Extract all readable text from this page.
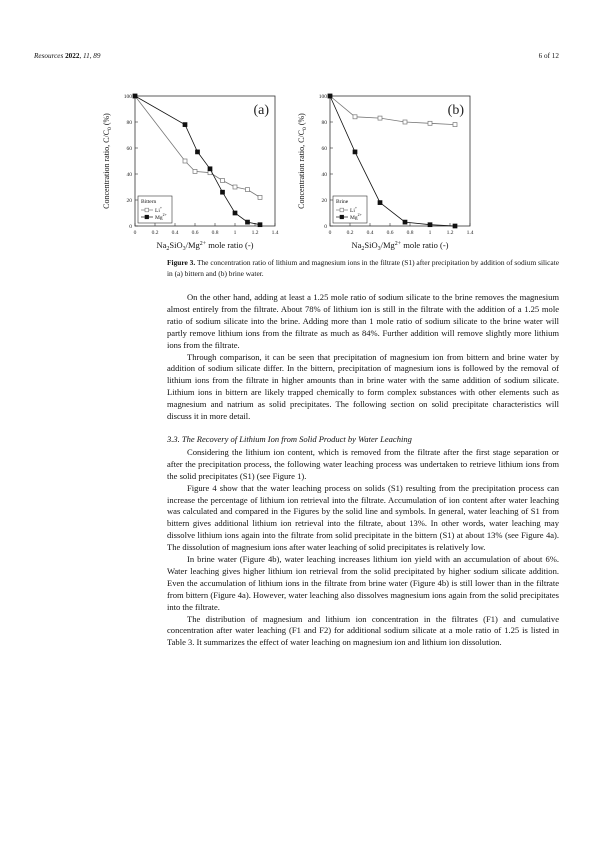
Resources 2022, 11, 89	6 of 12
0
20
40
60
80
100
0	0.2 0.4 0.6 0.8	1	1.2 1.4
$Na_2SiO_3/Mg^{2+}$ mole ratio (-)
Concentration ratio, $C/C_0$ (%)
(a)
Bittern
Li+
$Mg^{2+}$
0
20
40
60
80
100
0	0.2 0.4 0.6 0.8	1	1.2 1.4
$Na_2SiO_3/Mg^{2+}$ mole ratio (-)
Concentration ratio, $C/C_0$ (%)
(b)
Brine
Li+
$Mg^{2+}$
Figure 3. The concentration ratio of lithium and magnesium ions in the filtrate (S1) after precipitation by addition of sodium silicate in (a) bittern and (b) brine water.

On the other hand, adding at least a 1.25 mole ratio of sodium silicate to the brine removes the magnesium almost entirely from the filtrate. About 78% of lithium ion is still in the filtrate with the addition of a 1.25 mole ratio of sodium silicate into the brine. Adding more than 1 mole ratio of sodium silicate to the brine water will partly remove lithium ions from the filtrate as much as 84%. Further addition will remove slightly more lithium ions from the filtrate.

Through comparison, it can be seen that precipitation of magnesium ion from bittern and brine water by addition of sodium silicate differ. In the bittern, precipitation of magnesium ions is followed by the removal of lithium ions from the filtrate in higher amounts than in brine water with the same addition of sodium silicate. Lithium ions in bittern are likely trapped chemically to form complex substances with other elements such as magnesium and natrium as solid precipitates. The following section on solid precipitate characteristics will discuss it in more detail.

3.3. The Recovery of Lithium Ion from Solid Product by Water Leaching

Considering the lithium ion content, which is removed from the filtrate after the first stage separation or after the precipitation process, the following water leaching process was undertaken to retrieve lithium ions from the solid precipitates (S1) (see Figure 1).

Figure 4 show that the water leaching process on solids (S1) resulting from the precipitation process can increase the percentage of lithium ion retrieval into the filtrate. Accumulation of ion content after water leaching was calculated and compared in the Figures by the solid line and symbols. In general, water leaching of S1 from bittern gives additional lithium ion retrieval into the filtrate, about 13%. In other words, water leaching may dissolve lithium ions again into the filtrate from solid precipitate in the bittern (S1) at about 13% (see Figure 4a). The dissolution of magnesium ions after water leaching of solid precipitates is relatively low.

In brine water (Figure 4b), water leaching increases lithium ion yield with an accumulation of about 6%. Water leaching gives higher lithium ion retrieval from the solid precipitated by higher sodium silicate addition. Even the accumulation of lithium ions in the filtrate from brine water (Figure 4b) is still lower than in the filtrate from bittern (Figure 4a). However, water leaching also dissolves magnesium ions again from the solid precipitates into the filtrate.

The distribution of magnesium and lithium ion concentration in the filtrates (F1) and cumulative concentration after water leaching (F1 and F2) for additional sodium silicate at a mole ratio of 1.25 is listed in Table 3. It summarizes the effect of water leaching on magnesium ion and lithium ion dissolution.
